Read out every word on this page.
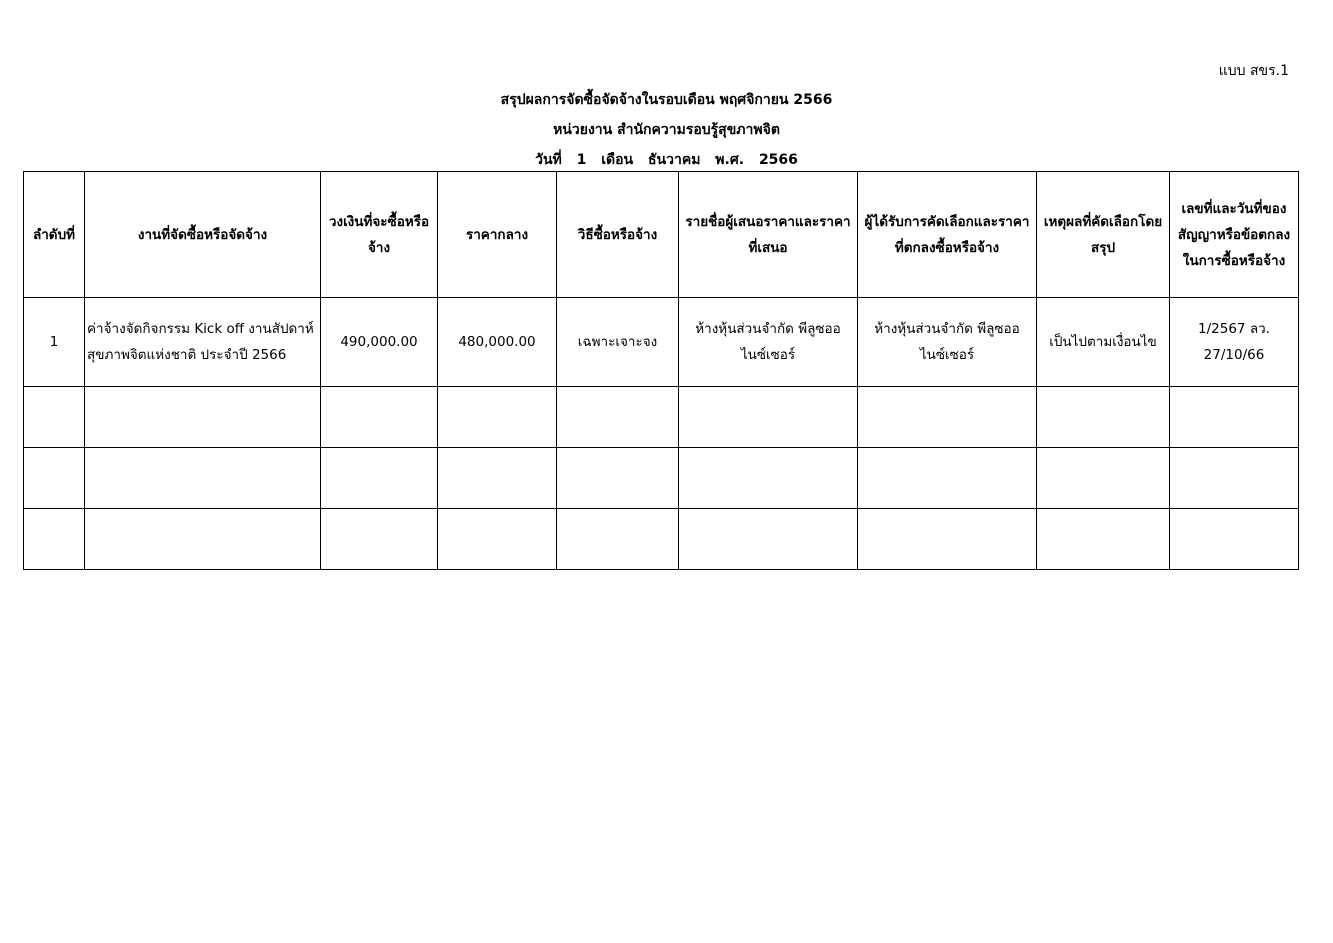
แบบ สขร.1
สรุปผลการจัดซื้อจัดจ้างในรอบเดือน พฤศจิกายน 2566
หน่วยงาน สำนักความรอบรู้สุขภาพจิต
วันที่ 1 เดือน ธันวาคม พ.ศ. 2566
ลำดับที่	งานที่จัดซื้อหรือจัดจ้าง	วงเงินที่จะซื้อหรือจ้าง	ราคากลาง	วิธีซื้อหรือจ้าง	รายชื่อผู้เสนอราคาและราคาที่เสนอ	ผู้ได้รับการคัดเลือกและราคาที่ตกลงซื้อหรือจ้าง	เหตุผลที่คัดเลือกโดยสรุป	เลขที่และวันที่ของสัญญาหรือข้อตกลงในการซื้อหรือจ้าง
1	ค่าจ้างจัดกิจกรรม Kick off งานสัปดาห์สุขภาพจิตแห่งชาติ ประจำปี 2566	490,000.00	480,000.00	เฉพาะเจาะจง	ห้างหุ้นส่วนจำกัด พีลูซออไนซ์เซอร์	ห้างหุ้นส่วนจำกัด พีลูซออไนซ์เซอร์	เป็นไปตามเงื่อนไข	1/2567 ลว. 27/10/66
